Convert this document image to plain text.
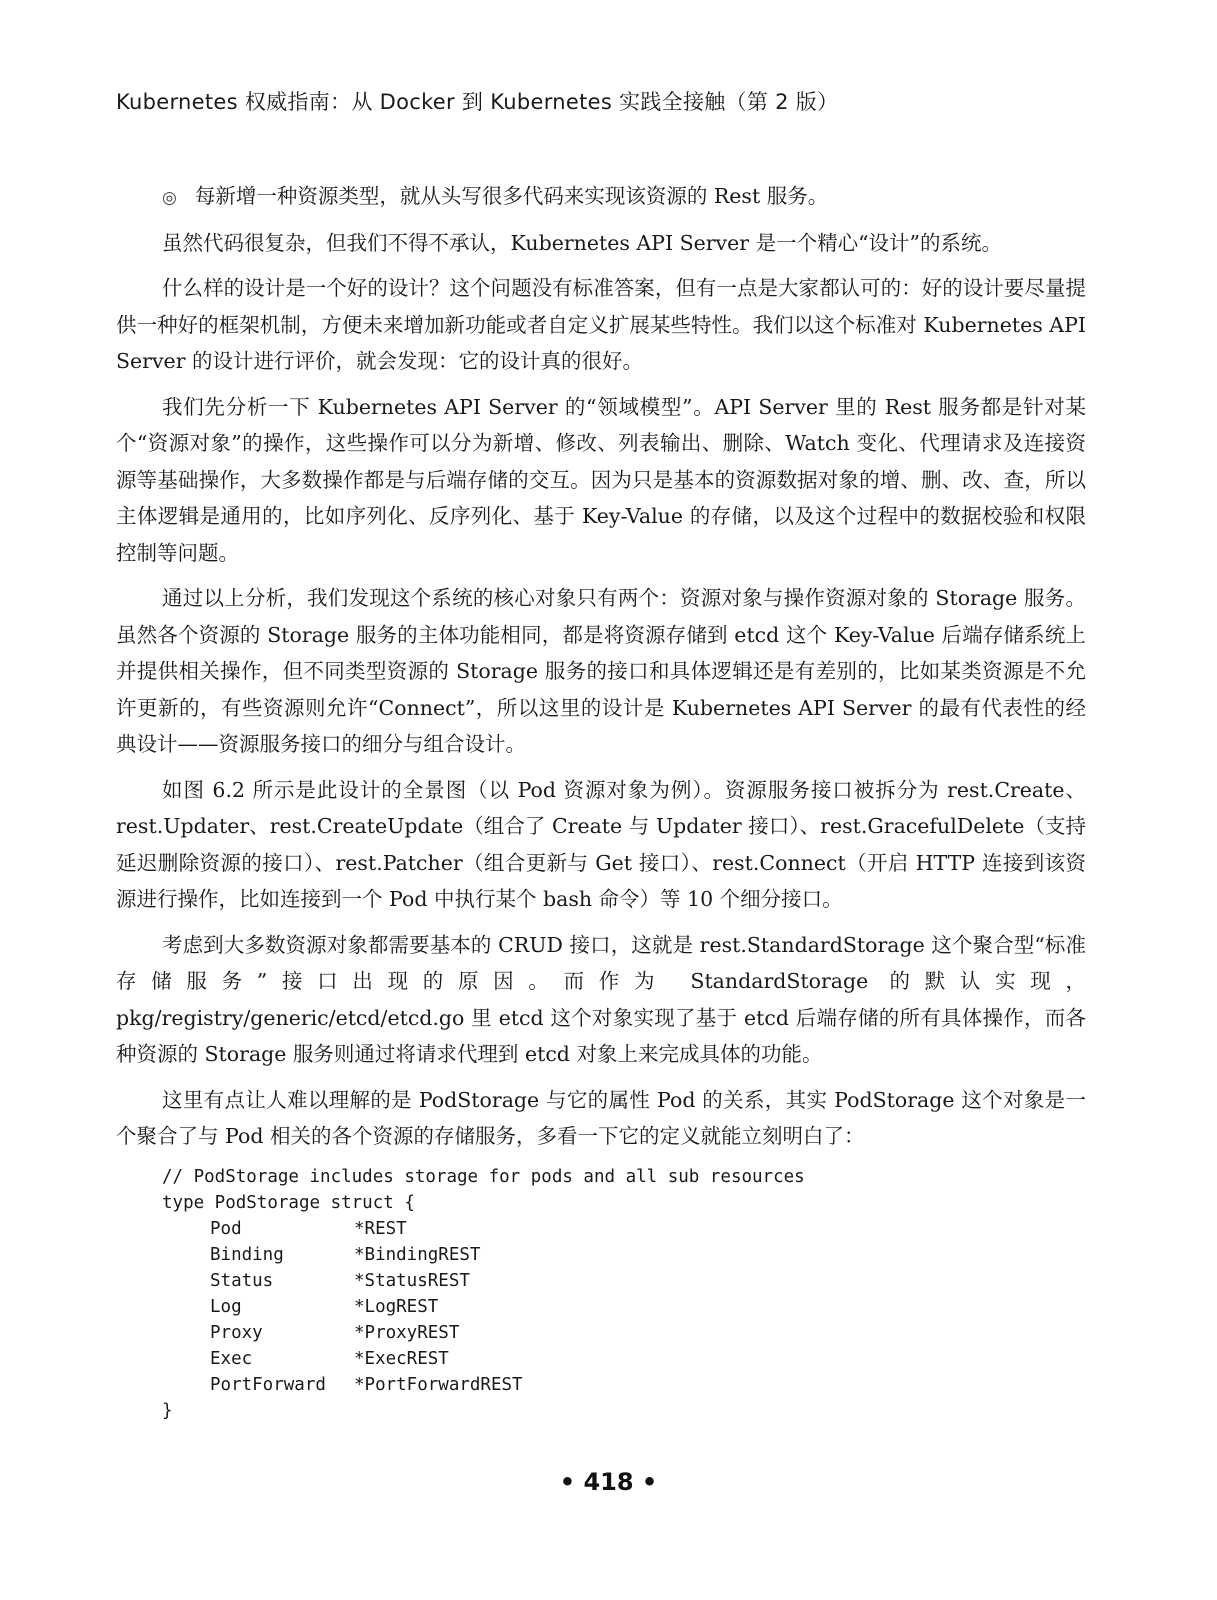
Kubernetes 权威指南：从 Docker 到 Kubernetes 实践全接触（第 2 版）
◎ 每新增一种资源类型，就从头写很多代码来实现该资源的 Rest 服务。

虽然代码很复杂，但我们不得不承认，Kubernetes API Server 是一个精心“设计”的系统。

什么样的设计是一个好的设计？这个问题没有标准答案，但有一点是大家都认可的：好的设计要尽量提供一种好的框架机制，方便未来增加新功能或者自定义扩展某些特性。我们以这个标准对 Kubernetes API Server 的设计进行评价，就会发现：它的设计真的很好。

我们先分析一下 Kubernetes API Server 的“领域模型”。API Server 里的 Rest 服务都是针对某个“资源对象”的操作，这些操作可以分为新增、修改、列表输出、删除、Watch 变化、代理请求及连接资源等基础操作，大多数操作都是与后端存储的交互。因为只是基本的资源数据对象的增、删、改、查，所以主体逻辑是通用的，比如序列化、反序列化、基于 Key-Value 的存储，以及这个过程中的数据校验和权限控制等问题。

通过以上分析，我们发现这个系统的核心对象只有两个：资源对象与操作资源对象的 Storage 服务。虽然各个资源的 Storage 服务的主体功能相同，都是将资源存储到 etcd 这个 Key-Value 后端存储系统上并提供相关操作，但不同类型资源的 Storage 服务的接口和具体逻辑还是有差别的，比如某类资源是不允许更新的，有些资源则允许“Connect”，所以这里的设计是 Kubernetes API Server 的最有代表性的经典设计——资源服务接口的细分与组合设计。

如图 6.2 所示是此设计的全景图（以 Pod 资源对象为例）。资源服务接口被拆分为 rest.Create、rest.Updater、rest.CreateUpdate（组合了 Create 与 Updater 接口）、rest.GracefulDelete（支持延迟删除资源的接口）、rest.Patcher（组合更新与 Get 接口）、rest.Connect（开启 HTTP 连接到该资源进行操作，比如连接到一个 Pod 中执行某个 bash 命令）等 10 个细分接口。

考虑到大多数资源对象都需要基本的 CRUD 接口，这就是 rest.StandardStorage 这个聚合型“标准存储服务”接口出现的原因。而作为 StandardStorage 的默认实现，pkg/registry/generic/etcd/etcd.go 里 etcd 这个对象实现了基于 etcd 后端存储的所有具体操作，而各种资源的 Storage 服务则通过将请求代理到 etcd 对象上来完成具体的功能。

这里有点让人难以理解的是 PodStorage 与它的属性 Pod 的关系，其实 PodStorage 这个对象是一个聚合了与 Pod 相关的各个资源的存储服务，多看一下它的定义就能立刻明白了：

// PodStorage includes storage for pods and all sub resources
type PodStorage struct {
Pod	*REST
Binding	*BindingREST
Status	*StatusREST
Log	*LogREST
Proxy	*ProxyREST
Exec	*ExecREST
PortForward *PortForwardREST
}
• 418 •
